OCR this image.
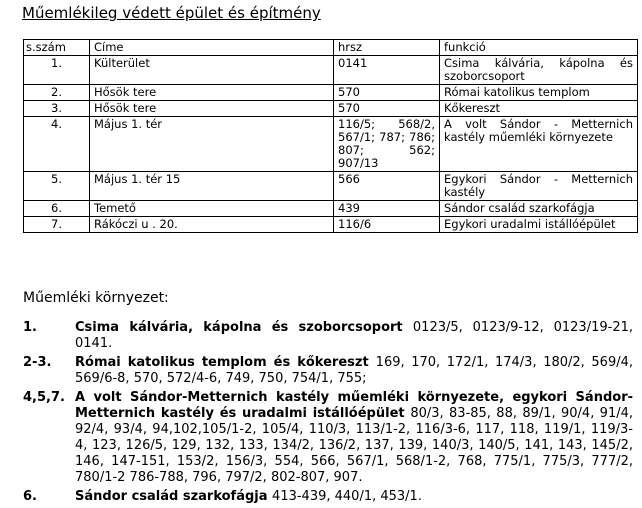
Műemlékileg védett épület és építmény
s.szám	Címe	hrsz	funkció
1.	Külterület	0141	Csima kálvária, kápolna és szoborcsoport
2.	Hősök tere	570	Római katolikus templom
3.	Hősök tere	570	Kőkereszt
4.	Május 1. tér	116/5; 568/2, 567/1; 787; 786; 807; 562; 907/13	A volt Sándor - Metternich kastély műemléki környezete
5.	Május 1. tér 15	566	Egykori Sándor - Metternich kastély
6.	Temető	439	Sándor család szarkofágja
7.	Rákóczi u . 20.	116/6	Egykori uradalmi istállóépület
Műemléki környezet:
1.	Csima kálvária, kápolna és szoborcsoport 0123/5, 0123/9-12, 0123/19-21, 0141.
2-3. Római katolikus templom és kőkereszt 169, 170, 172/1, 174/3, 180/2, 569/4, 569/6-8, 570, 572/4-6, 749, 750, 754/1, 755;
4,5,7. A volt Sándor-Metternich kastély műemléki környezete, egykori Sándor-Metternich kastély és uradalmi istállóépület 80/3, 83-85, 88, 89/1, 90/4, 91/4, 92/4, 93/4, 94,102,105/1-2, 105/4, 110/3, 113/1-2, 116/3-6, 117, 118, 119/1, 119/3-4, 123, 126/5, 129, 132, 133, 134/2, 136/2, 137, 139, 140/3, 140/5, 141, 143, 145/2, 146, 147-151, 153/2, 156/3, 554, 566, 567/1, 568/1-2, 768, 775/1, 775/3, 777/2, 780/1-2 786-788, 796, 797/2, 802-807, 907.
6.	Sándor család szarkofágja 413-439, 440/1, 453/1.
